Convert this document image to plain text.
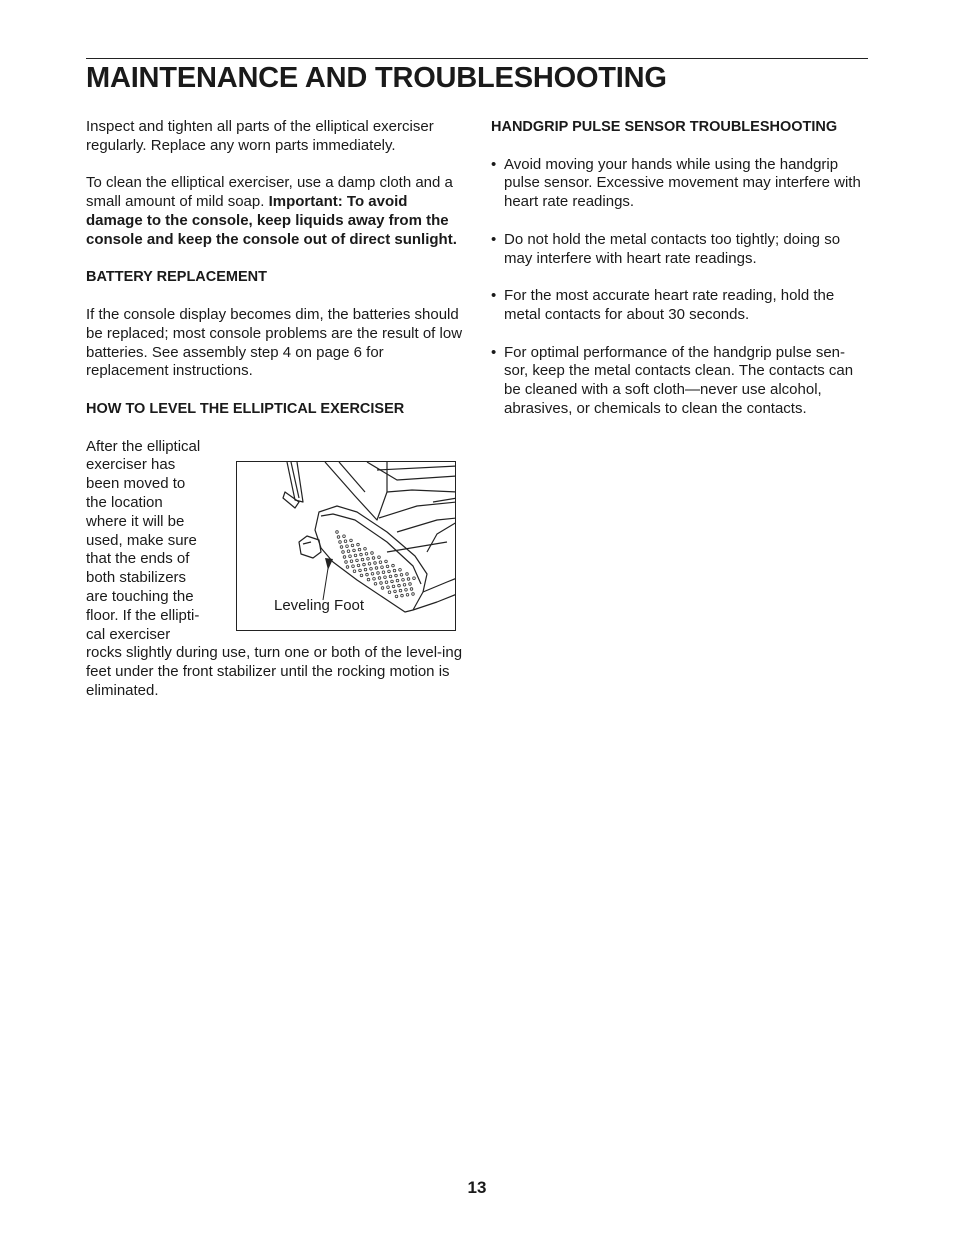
MAINTENANCE AND TROUBLESHOOTING

Inspect and tighten all parts of the elliptical exerciser regularly. Replace any worn parts immediately.

To clean the elliptical exerciser, use a damp cloth and a small amount of mild soap. Important: To avoid damage to the console, keep liquids away from the console and keep the console out of direct sunlight.

BATTERY REPLACEMENT

If the console display becomes dim, the batteries should be replaced; most console problems are the result of low batteries. See assembly step 4 on page 6 for replacement instructions.

HOW TO LEVEL THE ELLIPTICAL EXERCISER

After the elliptical
exerciser has
been moved to
the location
where it will be
used, make sure
that the ends of
both stabilizers
are touching the
floor. If the ellipti-
cal exerciser

rocks slightly during use, turn one or both of the level-ing feet under the front stabilizer until the rocking motion is eliminated.

Leveling Foot

HANDGRIP PULSE SENSOR TROUBLESHOOTING

• Avoid moving your hands while using the handgrip pulse sensor. Excessive movement may interfere with heart rate readings.
• Do not hold the metal contacts too tightly; doing so may interfere with heart rate readings.
• For the most accurate heart rate reading, hold the metal contacts for about 30 seconds.
• For optimal performance of the handgrip pulse sen-sor, keep the metal contacts clean. The contacts can be cleaned with a soft cloth—never use alcohol, abrasives, or chemicals to clean the contacts.
13
